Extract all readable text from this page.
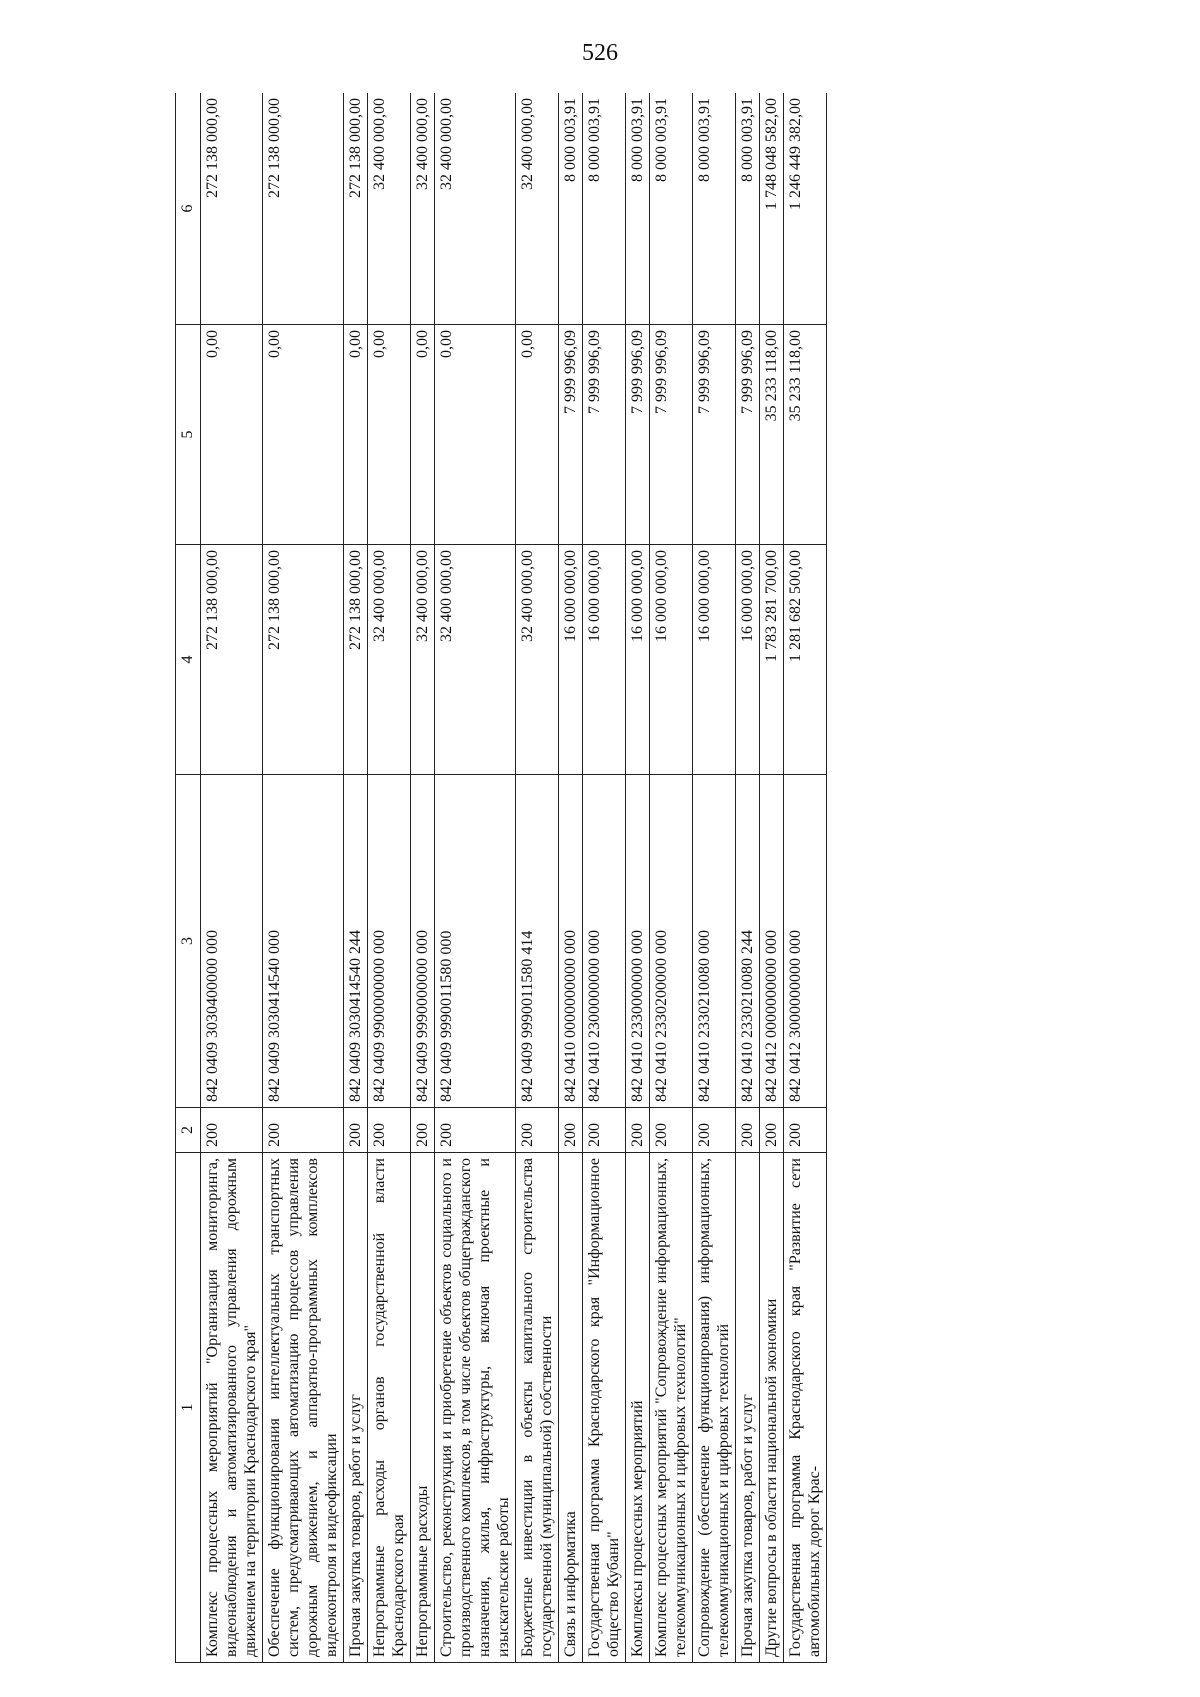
526
1	2	3	4	5	6
Комплекс процессных мероприятий "Организация мониторинга, видеонаблюдения и автоматизированного управления дорожным движением на территории Краснодарского края"	200	842 0409 3030400000 000	272 138 000,00	0,00	272 138 000,00
Обеспечение функционирования интеллектуальных транспортных систем, предусматривающих автоматизацию процессов управления дорожным движением, и аппаратно-программных комплексов видеоконтроля и видеофиксации	200	842 0409 3030414540 000	272 138 000,00	0,00	272 138 000,00
Прочая закупка товаров, работ и услуг	200	842 0409 3030414540 244	272 138 000,00	0,00	272 138 000,00
Непрограммные расходы органов государственной власти Краснодарского края	200	842 0409 9900000000 000	32 400 000,00	0,00	32 400 000,00
Непрограммные расходы	200	842 0409 9990000000 000	32 400 000,00	0,00	32 400 000,00
Строительство, реконструкция и приобретение объектов социального и производственного комплексов, в том числе объектов общегражданского назначения, жилья, инфраструктуры, включая проектные и изыскательские работы	200	842 0409 9990011580 000	32 400 000,00	0,00	32 400 000,00
Бюджетные инвестиции в объекты капитального строительства государственной (муниципальной) собственности	200	842 0409 9990011580 414	32 400 000,00	0,00	32 400 000,00
Связь и информатика	200	842 0410 0000000000 000	16 000 000,00	7 999 996,09	8 000 003,91
Государственная программа Краснодарского края "Информационное общество Кубани"	200	842 0410 2300000000 000	16 000 000,00	7 999 996,09	8 000 003,91
Комплексы процессных мероприятий	200	842 0410 2330000000 000	16 000 000,00	7 999 996,09	8 000 003,91
Комплекс процессных мероприятий "Сопровождение информационных, телекоммуникационных и цифровых технологий"	200	842 0410 2330200000 000	16 000 000,00	7 999 996,09	8 000 003,91
Сопровождение (обеспечение функционирования) информационных, телекоммуникационных и цифровых технологий	200	842 0410 2330210080 000	16 000 000,00	7 999 996,09	8 000 003,91
Прочая закупка товаров, работ и услуг	200	842 0410 2330210080 244	16 000 000,00	7 999 996,09	8 000 003,91
Другие вопросы в области национальной экономики	200	842 0412 0000000000 000	1 783 281 700,00	35 233 118,00	1 748 048 582,00
Государственная программа Краснодарского края "Развитие сети автомобильных дорог Крас-	200	842 0412 3000000000 000	1 281 682 500,00	35 233 118,00	1 246 449 382,00
